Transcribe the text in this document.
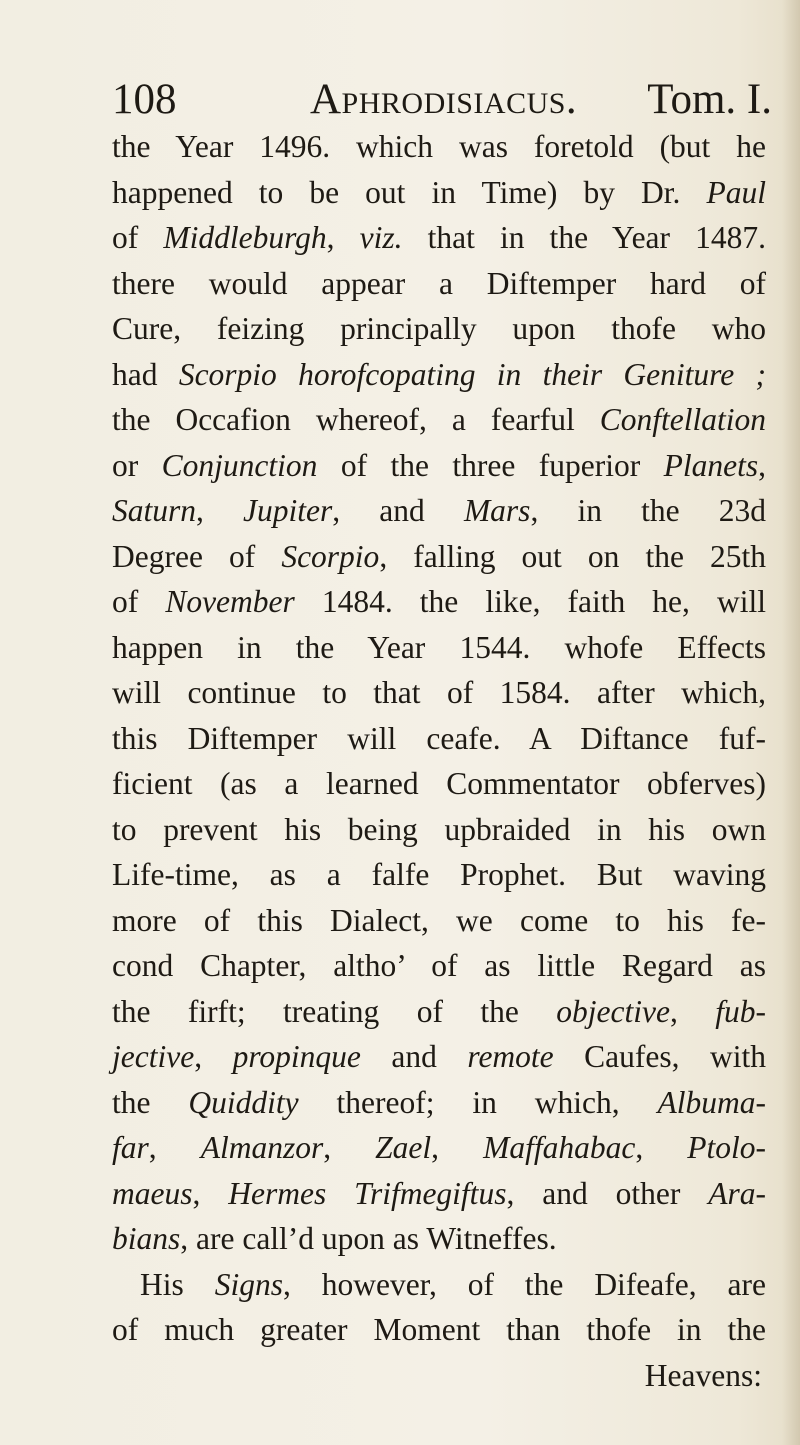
108	Aphrodisiacus. Tom. I.
the Year 1496. which was foretold (but he
happened to be out in Time) by Dr. Paul
of Middleburgh, viz. that in the Year 1487.
there would appear a Diftemper hard of
Cure, feizing principally upon thofe who
had Scorpio horofcopating in their Geniture ;
the Occafion whereof, a fearful Conftellation
or Conjunction of the three fuperior Planets,
Saturn, Jupiter, and Mars, in the 23d
Degree of Scorpio, falling out on the 25th
of November 1484. the like, faith he, will
happen in the Year 1544. whofe Effects
will continue to that of 1584. after which,
this Diftemper will ceafe. A Diftance fuf-
ficient (as a learned Commentator obferves)
to prevent his being upbraided in his own
Life-time, as a falfe Prophet. But waving
more of this Dialect, we come to his fe-
cond Chapter, altho’ of as little Regard as
the firft; treating of the objective, fub-
jective, propinque and remote Caufes, with
the Quiddity thereof; in which, Albuma-
far, Almanzor, Zael, Maffahabac, Ptolo-
maeus, Hermes Trifmegiftus, and other Ara-
bians, are call’d upon as Witneffes.
His Signs, however, of the Difeafe, are
of much greater Moment than thofe in the
Heavens:
